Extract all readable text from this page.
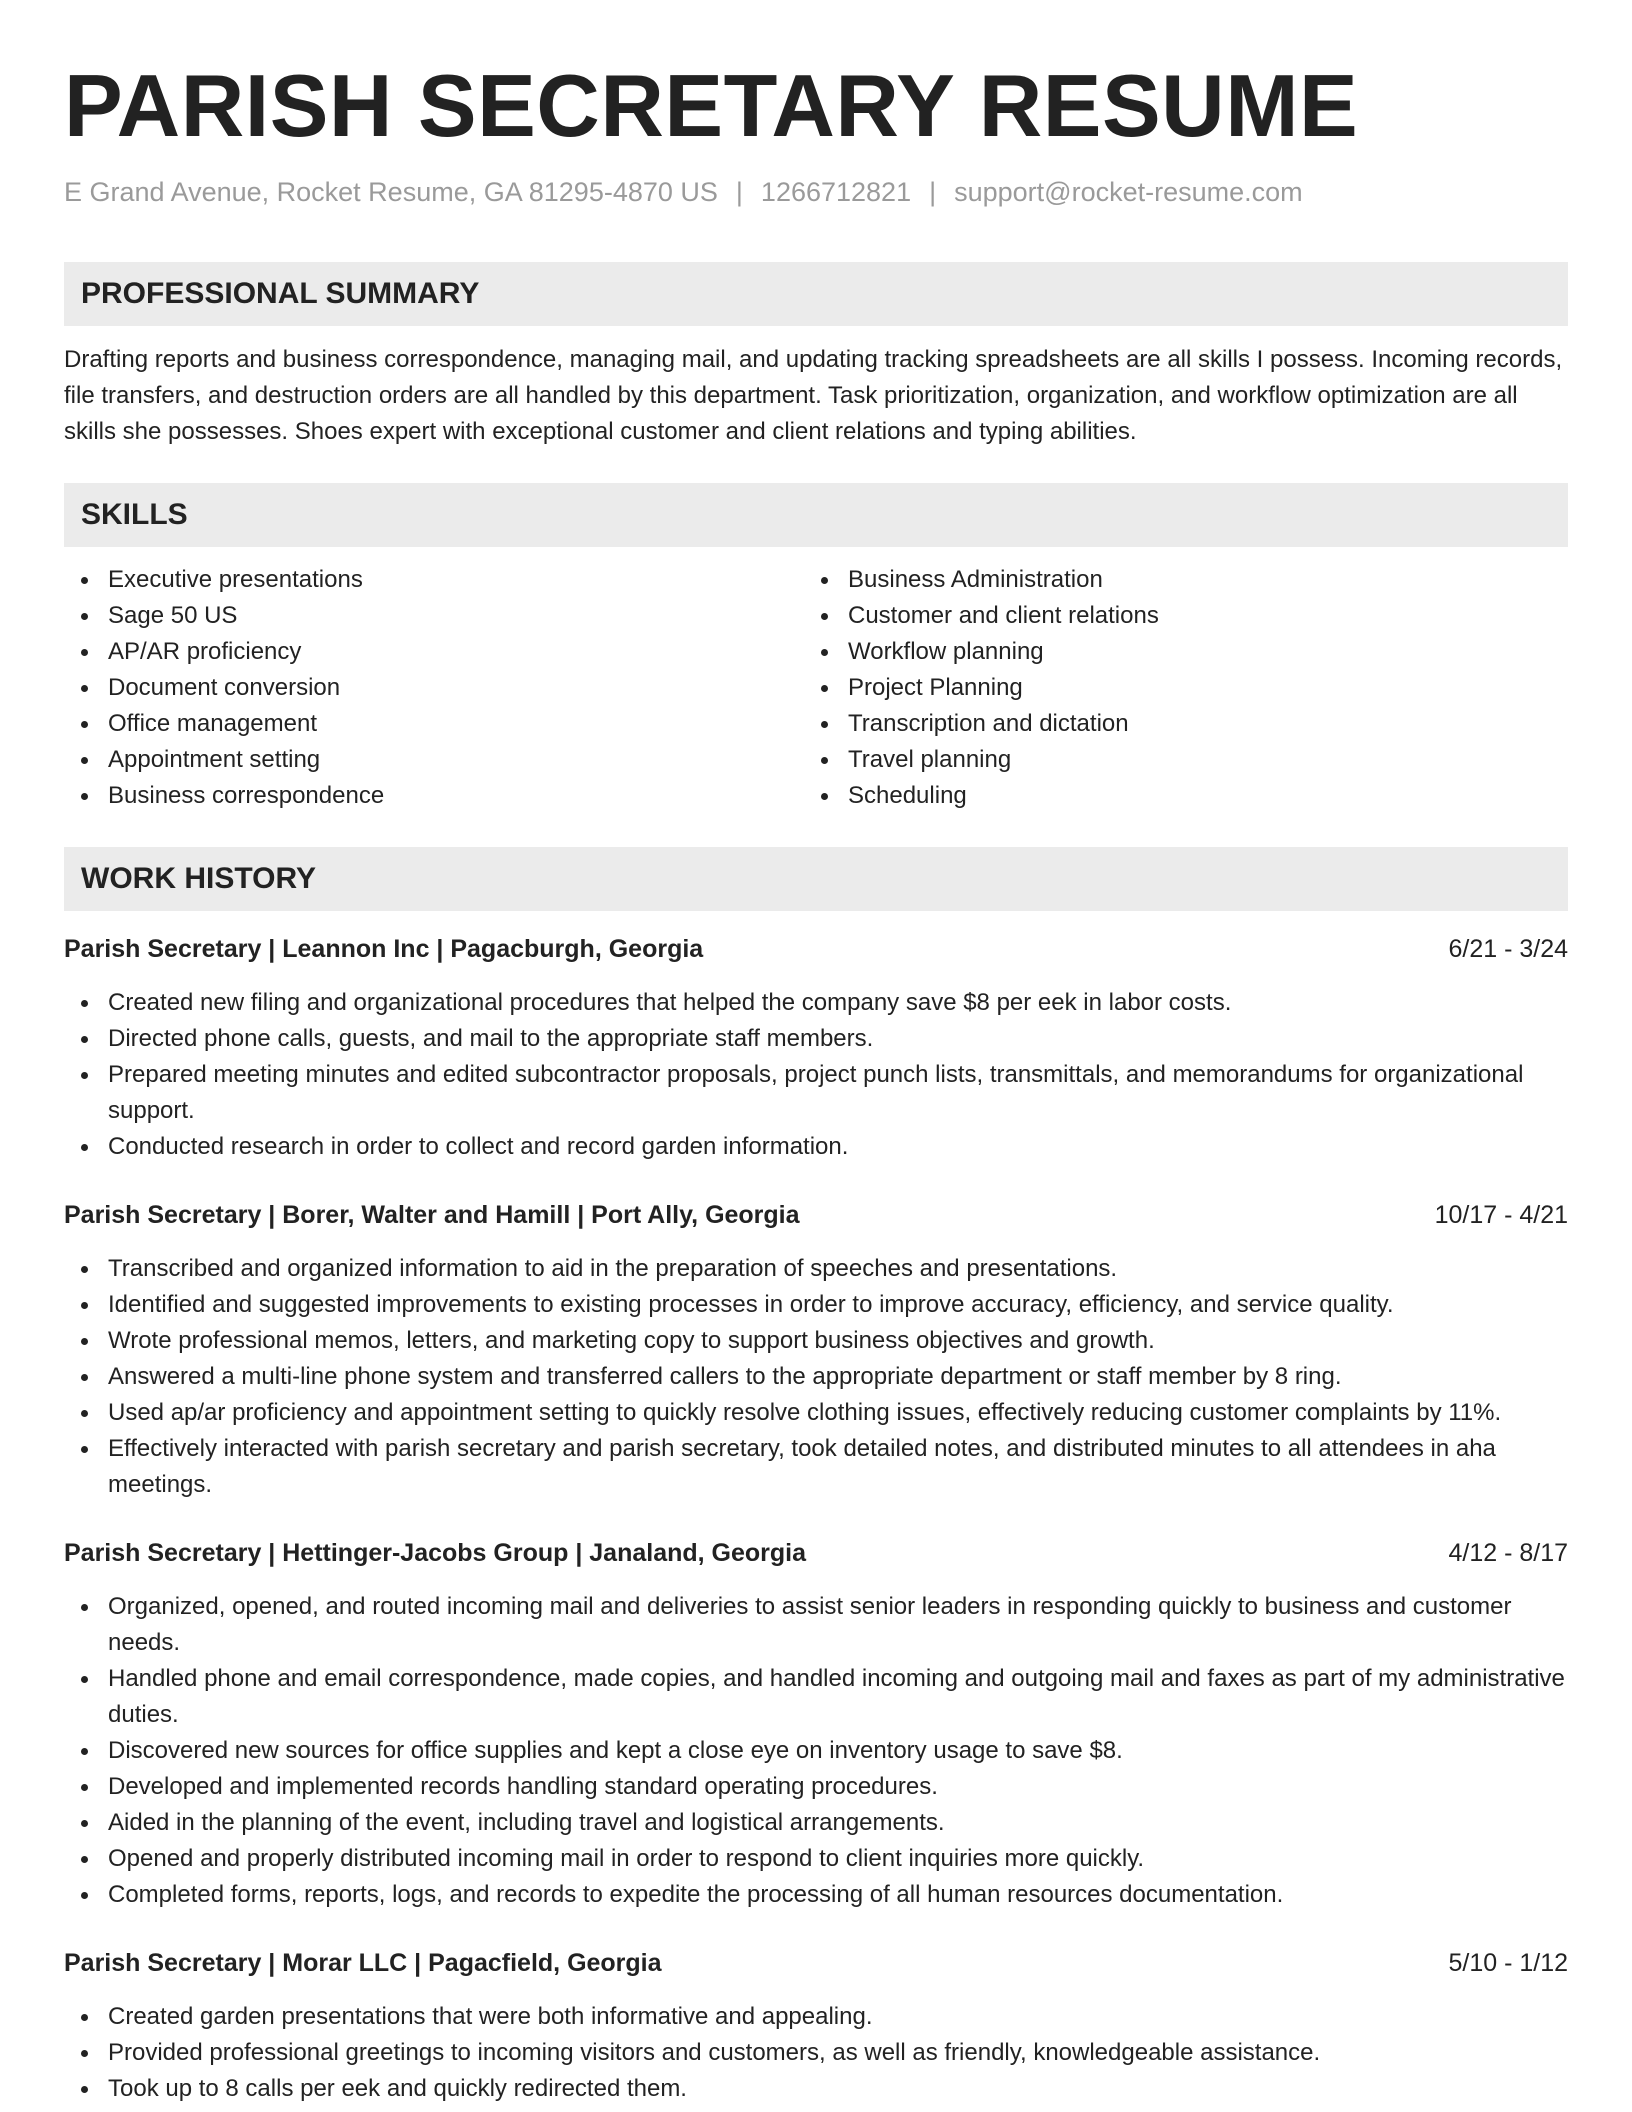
PARISH SECRETARY RESUME
E Grand Avenue, Rocket Resume, GA 81295-4870 US | 1266712821 | support@rocket-resume.com
PROFESSIONAL SUMMARY
Drafting reports and business correspondence, managing mail, and updating tracking spreadsheets are all skills I possess. Incoming records, file transfers, and destruction orders are all handled by this department. Task prioritization, organization, and workflow optimization are all skills she possesses. Shoes expert with exceptional customer and client relations and typing abilities.
SKILLS
Executive presentations
Sage 50 US
AP/AR proficiency
Document conversion
Office management
Appointment setting
Business correspondence
Business Administration
Customer and client relations
Workflow planning
Project Planning
Transcription and dictation
Travel planning
Scheduling
WORK HISTORY
Parish Secretary | Leannon Inc | Pagacburgh, Georgia	6/21 - 3/24
Created new filing and organizational procedures that helped the company save $8 per eek in labor costs.
Directed phone calls, guests, and mail to the appropriate staff members.
Prepared meeting minutes and edited subcontractor proposals, project punch lists, transmittals, and memorandums for organizational support.
Conducted research in order to collect and record garden information.
Parish Secretary | Borer, Walter and Hamill | Port Ally, Georgia	10/17 - 4/21
Transcribed and organized information to aid in the preparation of speeches and presentations.
Identified and suggested improvements to existing processes in order to improve accuracy, efficiency, and service quality.
Wrote professional memos, letters, and marketing copy to support business objectives and growth.
Answered a multi-line phone system and transferred callers to the appropriate department or staff member by 8 ring.
Used ap/ar proficiency and appointment setting to quickly resolve clothing issues, effectively reducing customer complaints by 11%.
Effectively interacted with parish secretary and parish secretary, took detailed notes, and distributed minutes to all attendees in aha meetings.
Parish Secretary | Hettinger-Jacobs Group | Janaland, Georgia	4/12 - 8/17
Organized, opened, and routed incoming mail and deliveries to assist senior leaders in responding quickly to business and customer needs.
Handled phone and email correspondence, made copies, and handled incoming and outgoing mail and faxes as part of my administrative duties.
Discovered new sources for office supplies and kept a close eye on inventory usage to save $8.
Developed and implemented records handling standard operating procedures.
Aided in the planning of the event, including travel and logistical arrangements.
Opened and properly distributed incoming mail in order to respond to client inquiries more quickly.
Completed forms, reports, logs, and records to expedite the processing of all human resources documentation.
Parish Secretary | Morar LLC | Pagacfield, Georgia	5/10 - 1/12
Created garden presentations that were both informative and appealing.
Provided professional greetings to incoming visitors and customers, as well as friendly, knowledgeable assistance.
Took up to 8 calls per eek and quickly redirected them.
